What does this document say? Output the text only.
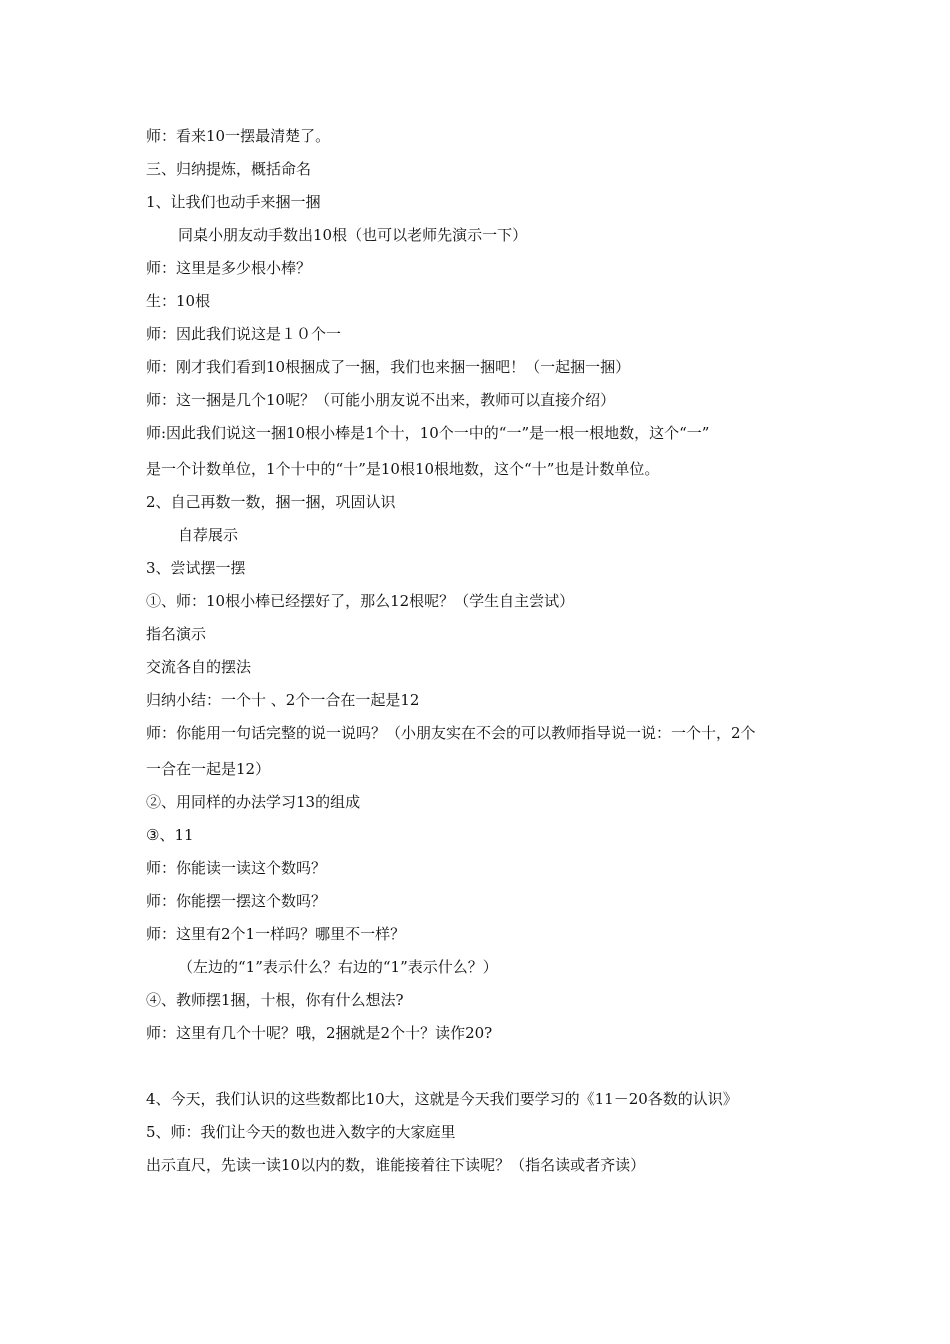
师：看来10一摆最清楚了。
三、归纳提炼，概括命名
1、让我们也动手来捆一捆
同桌小朋友动手数出10根（也可以老师先演示一下）
师：这里是多少根小棒？
生：10根
师：因此我们说这是１０个一
师：刚才我们看到10根捆成了一捆，我们也来捆一捆吧！（一起捆一捆）
师：这一捆是几个10呢？（可能小朋友说不出来，教师可以直接介绍）
师:因此我们说这一捆10根小棒是1个十，10个一中的“一”是一根一根地数，这个“一”
是一个计数单位，1个十中的“十”是10根10根地数，这个“十”也是计数单位。
2、自己再数一数，捆一捆，巩固认识
自荐展示
3、尝试摆一摆
①、师：10根小棒已经摆好了，那么12根呢？（学生自主尝试）
指名演示
交流各自的摆法
归纳小结：一个十 、2个一合在一起是12
师：你能用一句话完整的说一说吗？（小朋友实在不会的可以教师指导说一说：一个十，2个
一合在一起是12）
②、用同样的办法学习13的组成
③、11
师：你能读一读这个数吗？
师：你能摆一摆这个数吗？
师：这里有2个1一样吗？哪里不一样？
（左边的“1”表示什么？右边的“1”表示什么？）
④、教师摆1捆，十根，你有什么想法?
师：这里有几个十呢？哦，2捆就是2个十？读作20?
4、今天，我们认识的这些数都比10大，这就是今天我们要学习的《11－20各数的认识》
5、师：我们让今天的数也进入数字的大家庭里
出示直尺，先读一读10以内的数，谁能接着往下读呢？（指名读或者齐读）
